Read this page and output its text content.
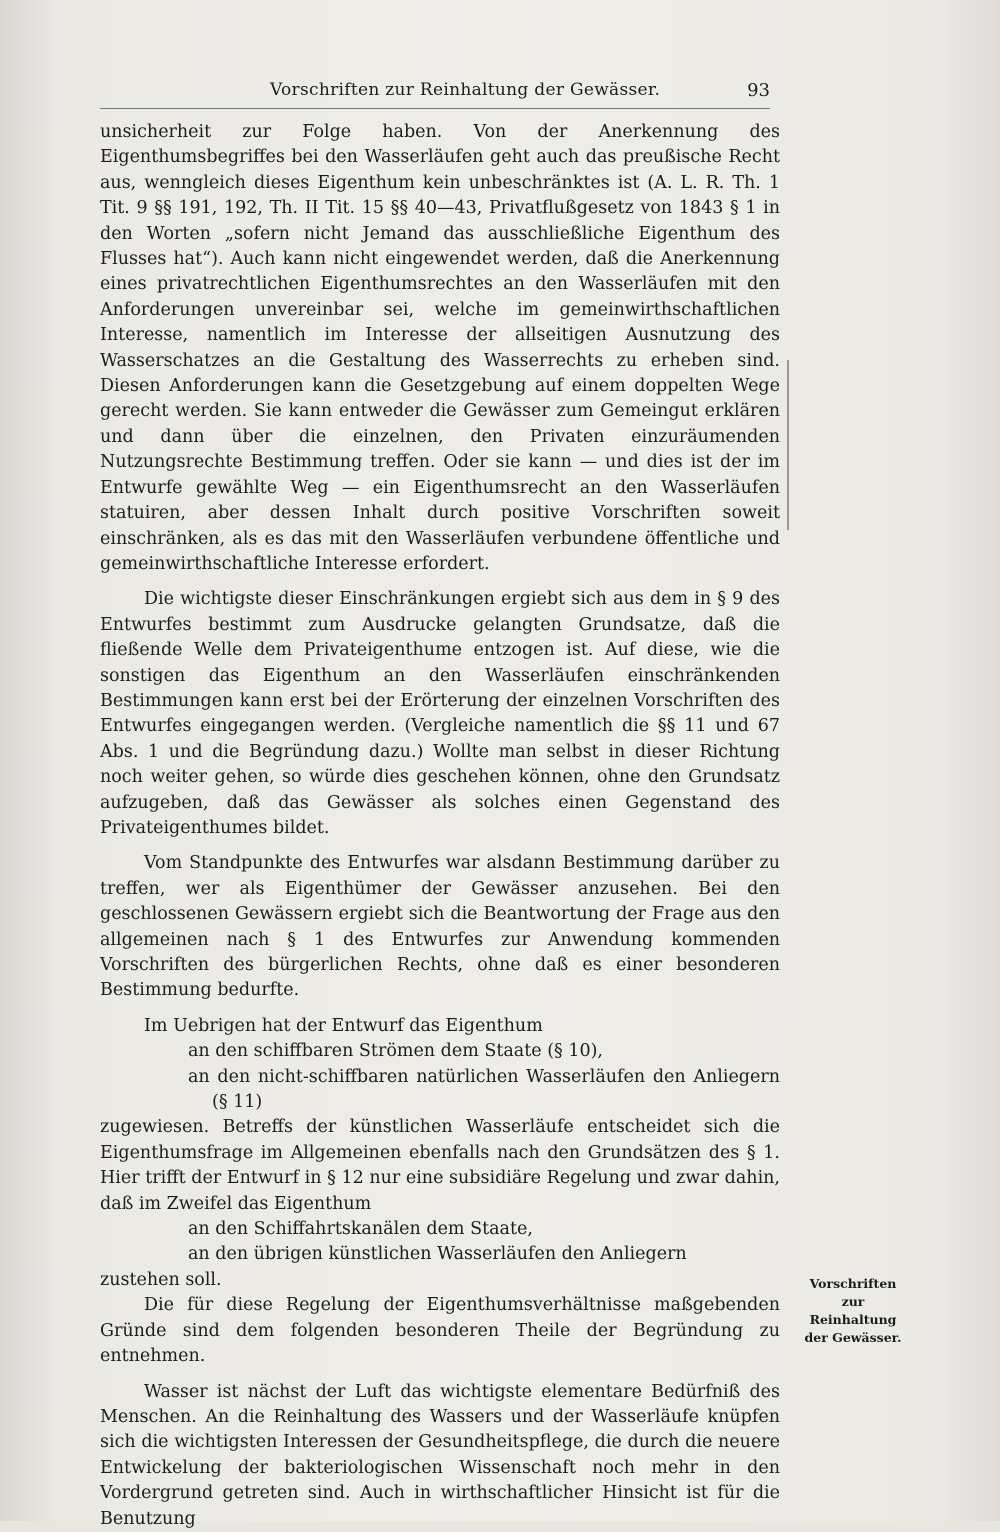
Vorschriften zur Reinhaltung der Gewässer.	93

unsicherheit zur Folge haben. Von der Anerkennung des Eigenthumsbegriffes bei den Wasserläufen geht auch das preußische Recht aus, wenngleich dieses Eigenthum kein unbeschränktes ist (A. L. R. Th. 1 Tit. 9 §§ 191, 192, Th. II Tit. 15 §§ 40—43, Privatflußgesetz von 1843 § 1 in den Worten „sofern nicht Jemand das ausschließliche Eigenthum des Flusses hat“). Auch kann nicht eingewendet werden, daß die Anerkennung eines privatrechtlichen Eigenthumsrechtes an den Wasserläufen mit den Anforderungen unvereinbar sei, welche im gemeinwirthschaftlichen Interesse, namentlich im Interesse der allseitigen Ausnutzung des Wasserschatzes an die Gestaltung des Wasserrechts zu erheben sind. Diesen Anforderungen kann die Gesetzgebung auf einem doppelten Wege gerecht werden. Sie kann entweder die Gewässer zum Gemeingut erklären und dann über die einzelnen, den Privaten einzuräumenden Nutzungsrechte Bestimmung treffen. Oder sie kann — und dies ist der im Entwurfe gewählte Weg — ein Eigenthumsrecht an den Wasserläufen statuiren, aber dessen Inhalt durch positive Vorschriften soweit einschränken, als es das mit den Wasserläufen verbundene öffentliche und gemeinwirthschaftliche Interesse erfordert.

Die wichtigste dieser Einschränkungen ergiebt sich aus dem in § 9 des Entwurfes bestimmt zum Ausdrucke gelangten Grundsatze, daß die fließende Welle dem Privateigenthume entzogen ist. Auf diese, wie die sonstigen das Eigenthum an den Wasserläufen einschränkenden Bestimmungen kann erst bei der Erörterung der einzelnen Vorschriften des Entwurfes eingegangen werden. (Vergleiche namentlich die §§ 11 und 67 Abs. 1 und die Begründung dazu.) Wollte man selbst in dieser Richtung noch weiter gehen, so würde dies geschehen können, ohne den Grundsatz aufzugeben, daß das Gewässer als solches einen Gegenstand des Privateigenthumes bildet.

Vom Standpunkte des Entwurfes war alsdann Bestimmung darüber zu treffen, wer als Eigenthümer der Gewässer anzusehen. Bei den geschlossenen Gewässern ergiebt sich die Beantwortung der Frage aus den allgemeinen nach § 1 des Entwurfes zur Anwendung kommenden Vorschriften des bürgerlichen Rechts, ohne daß es einer besonderen Bestimmung bedurfte.

Im Uebrigen hat der Entwurf das Eigenthum

an den schiffbaren Strömen dem Staate (§ 10),

an den nicht-schiffbaren natürlichen Wasserläufen den Anliegern (§ 11)

zugewiesen. Betreffs der künstlichen Wasserläufe entscheidet sich die Eigenthumsfrage im Allgemeinen ebenfalls nach den Grundsätzen des § 1. Hier trifft der Entwurf in § 12 nur eine subsidiäre Regelung und zwar dahin, daß im Zweifel das Eigenthum

an den Schiffahrtskanälen dem Staate,

an den übrigen künstlichen Wasserläufen den Anliegern

zustehen soll.

Die für diese Regelung der Eigenthumsverhältnisse maßgebenden Gründe sind dem folgenden besonderen Theile der Begründung zu entnehmen.

Wasser ist nächst der Luft das wichtigste elementare Bedürfniß des Menschen. An die Reinhaltung des Wassers und der Wasserläufe knüpfen sich die wichtigsten Interessen der Gesundheitspflege, die durch die neuere Entwickelung der bakteriologischen Wissenschaft noch mehr in den Vordergrund getreten sind. Auch in wirthschaftlicher Hinsicht ist für die Benutzung

Vorschriften zur Reinhaltung der Gewässer.
